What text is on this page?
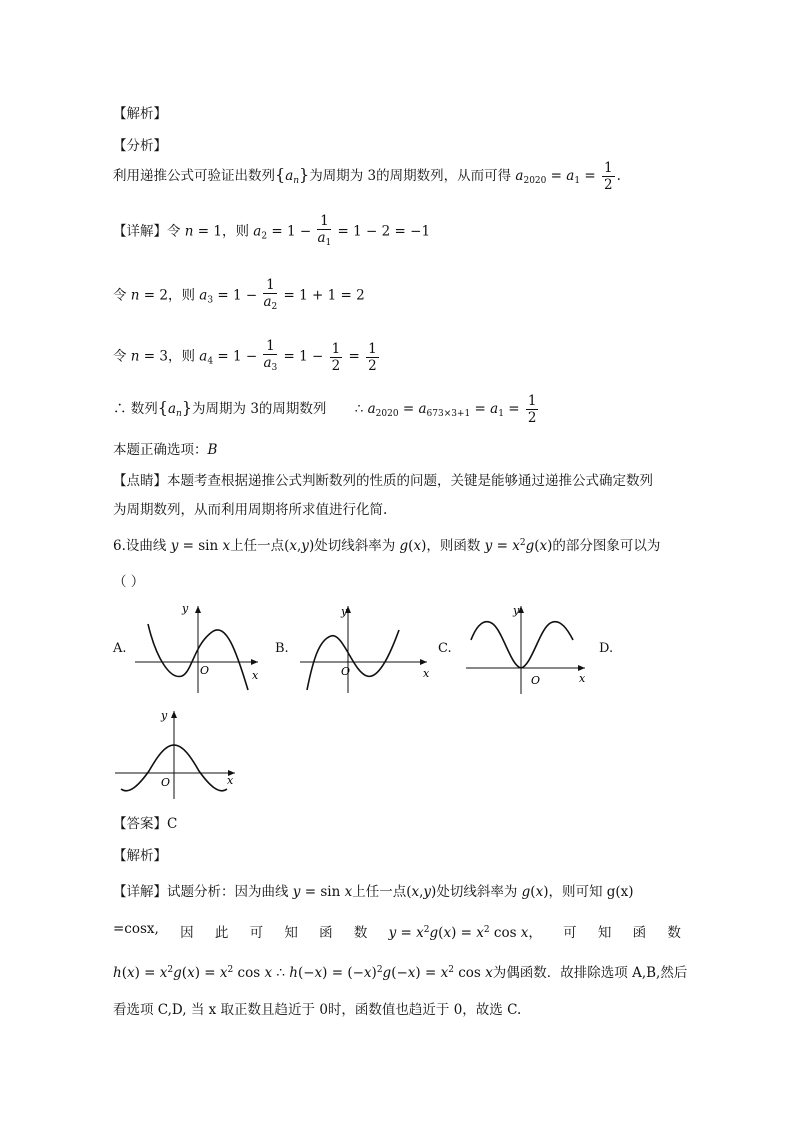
【解析】
【分析】
利用递推公式可验证出数列$\{a_n\}$为周期为 3的周期数列，从而可得 $a_{2020} = a_1 = \frac{1}{2}$ .
【详解】令 n = 1，则 $a_2 = 1 - \frac{1}{a_1} = 1 - 2 = -1$
令 n = 2，则 $a_3 = 1 - \frac{1}{a_2} = 1 + 1 = 2$
令 n = 3，则 $a_4 = 1 - \frac{1}{a_3} = 1 - \frac{1}{2} = \frac{1}{2}$
∴ 数列$\{a_n\}$为周期为 3的周期数列 ∴ $a_{2020} = a_{673\times 3+1} = a_1 = \frac{1}{2}$
本题正确选项：B
【点睛】本题考查根据递推公式判断数列的性质的问题，关键是能够通过递推公式确定数列
为周期数列，从而利用周期将所求值进行化简.
6.设曲线 y = sin x上任一点(x,y)处切线斜率为 g(x)，则函数 $y = x^2g(x)$的部分图象可以为
（ ）
A.	B.	C.	D.
y
x
O
y
x
O
y
x
O
y
x
O
【答案】C
【解析】
【详解】试题分析：因为曲线 y = sin x上任一点(x,y)处切线斜率为 g(x)，则可知 g(x)
=cosx, 因 此 可 知 函 数 $y = x^2g(x) = x^2$ cos x， 可 知 函 数
$h(x) = x^2g(x) = x^2$ cos x ∴ $h(-x) = (-x)^2g(-x) = x^2$ cos x为偶函数．故排除选项 A,B,然后
看选项 C,D, 当 x 取正数且趋近于 0时，函数值也趋近于 0，故选 C.
